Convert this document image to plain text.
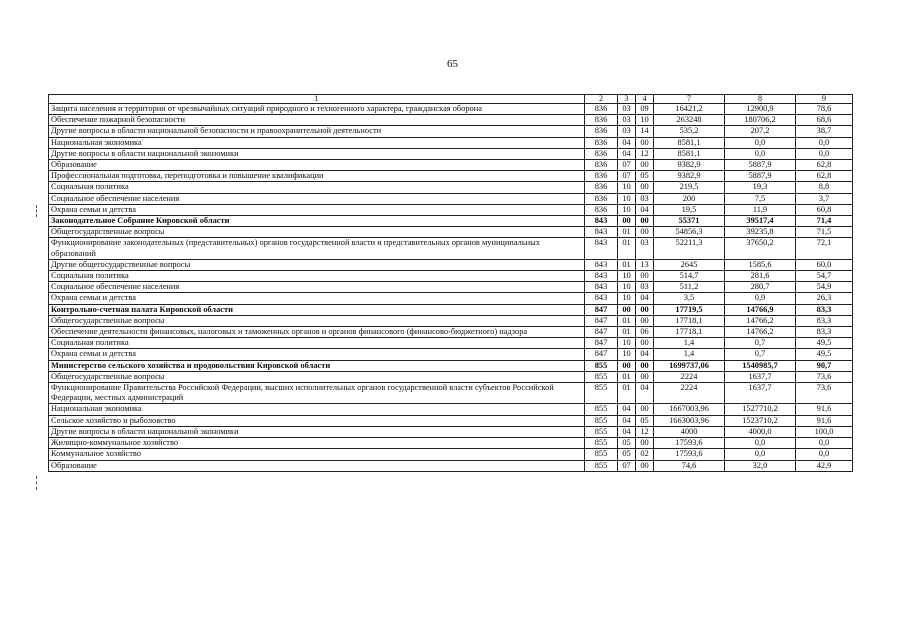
65
1	2	3	4	7	8	9
Защита населения и территории от чрезвычайных ситуаций природного и техногенного характера, гражданская оборона	836	03	09	16421,2	12900,9	78,6
Обеспечение пожарной безопасности	836	03	10	263248	180706,2	68,6
Другие вопросы в области национальной безопасности и правоохранительной деятельности	836	03	14	535,2	207,2	38,7
Национальная экономика	836	04	00	8581,1	0,0	0,0
Другие вопросы в области национальной экономики	836	04	12	8581,1	0,0	0,0
Образование	836	07	00	9382,9	5887,9	62,8
Профессиональная подготовка, переподготовка и повышение квалификации	836	07	05	9382,9	5887,9	62,8
Социальная политика	836	10	00	219,5	19,3	8,8
Социальное обеспечение населения	836	10	03	200	7,5	3,7
Охрана семьи и детства	836	10	04	19,5	11,9	60,8
Законодательное Собрание Кировской области	843	00	00	55371	39517,4	71,4
Общегосударственные вопросы	843	01	00	54856,3	39235,8	71,5
Функционирование законодательных (представительных) органов государственной власти и представительных органов муниципальных образований	843	01	03	52211,3	37650,2	72,1
Другие общегосударственные вопросы	843	01	13	2645	1585,6	60,0
Социальная политика	843	10	00	514,7	281,6	54,7
Социальное обеспечение населения	843	10	03	511,2	280,7	54,9
Охрана семьи и детства	843	10	04	3,5	0,9	26,3
Контрольно-счетная палата Кировской области	847	00	00	17719,5	14766,9	83,3
Общегосударственные вопросы	847	01	00	17718,1	14766,2	83,3
Обеспечение деятельности финансовых, налоговых и таможенных органов и органов финансового (финансово-бюджетного) надзора	847	01	06	17718,1	14766,2	83,3
Социальная политика	847	10	00	1,4	0,7	49,5
Охрана семьи и детства	847	10	04	1,4	0,7	49,5
Министерство сельского хозяйства и продовольствия Кировской области	855	00	00	1699737,06	1540985,7	90,7
Общегосударственные вопросы	855	01	00	2224	1637,7	73,6
Функционирование Правительства Российской Федерации, высших исполнительных органов государственной власти субъектов Российской Федерации, местных администраций	855	01	04	2224	1637,7	73,6
Национальная экономика	855	04	00	1667003,96	1527710,2	91,6
Сельское хозяйство и рыболовство	855	04	05	1663003,96	1523710,2	91,6
Другие вопросы в области национальной экономики	855	04	12	4000	4000,0	100,0
Жилищно-коммунальное хозяйство	855	05	00	17593,6	0,0	0,0
Коммунальное хозяйство	855	05	02	17593,6	0,0	0,0
Образование	855	07	00	74,6	32,0	42,9
